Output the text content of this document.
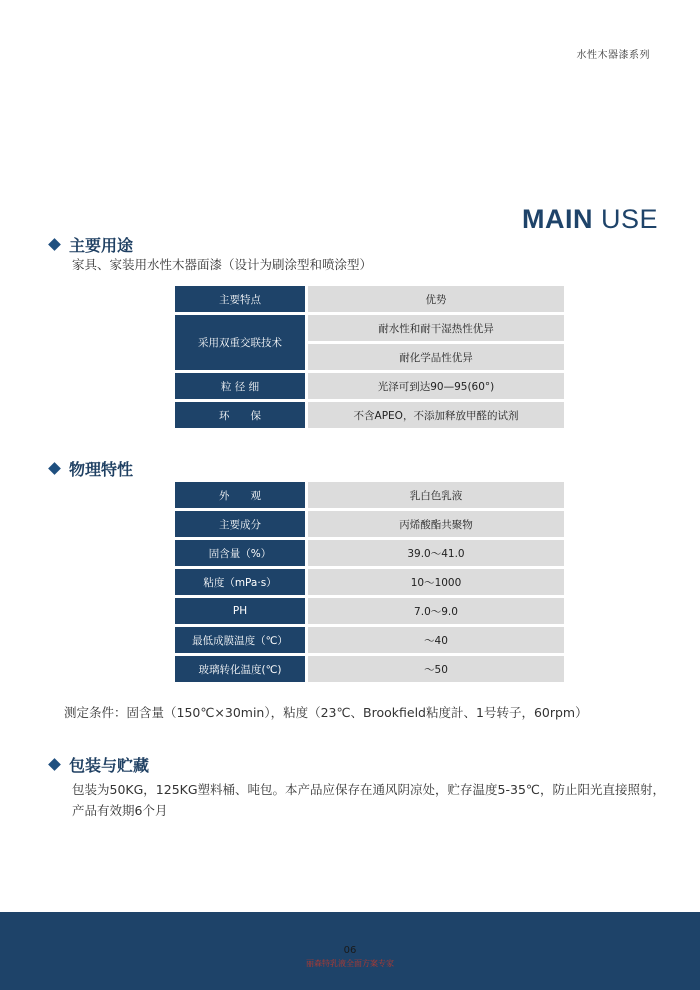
水性木器漆系列
MAIN USE
主要用途
家具、家装用水性木器面漆（设计为刷涂型和喷涂型）
主要特点	优势
采用双重交联技术	耐水性和耐干湿热性优异
	耐化学品性优异
粒 径 细	光泽可到达90—95(60°)
环　　保	不含APEO，不添加释放甲醛的试剂
物理特性
外　　观	乳白色乳液
主要成分	丙烯酸酯共聚物
固含量（%）	39.0～41.0
粘度（mPa·s）	10～1000
PH	7.0～9.0
最低成膜温度（℃）	～40
玻璃转化温度(℃)	～50
测定条件：固含量（150℃×30min），粘度（23℃、Brookfield粘度計、1号转子，60rpm）
包装与贮藏
包装为50KG，125KG塑料桶、吨包。本产品应保存在通风阴凉处，贮存温度5-35℃，防止阳光直接照射，
产品有效期6个月
06
丽森特乳液全面方案专家
